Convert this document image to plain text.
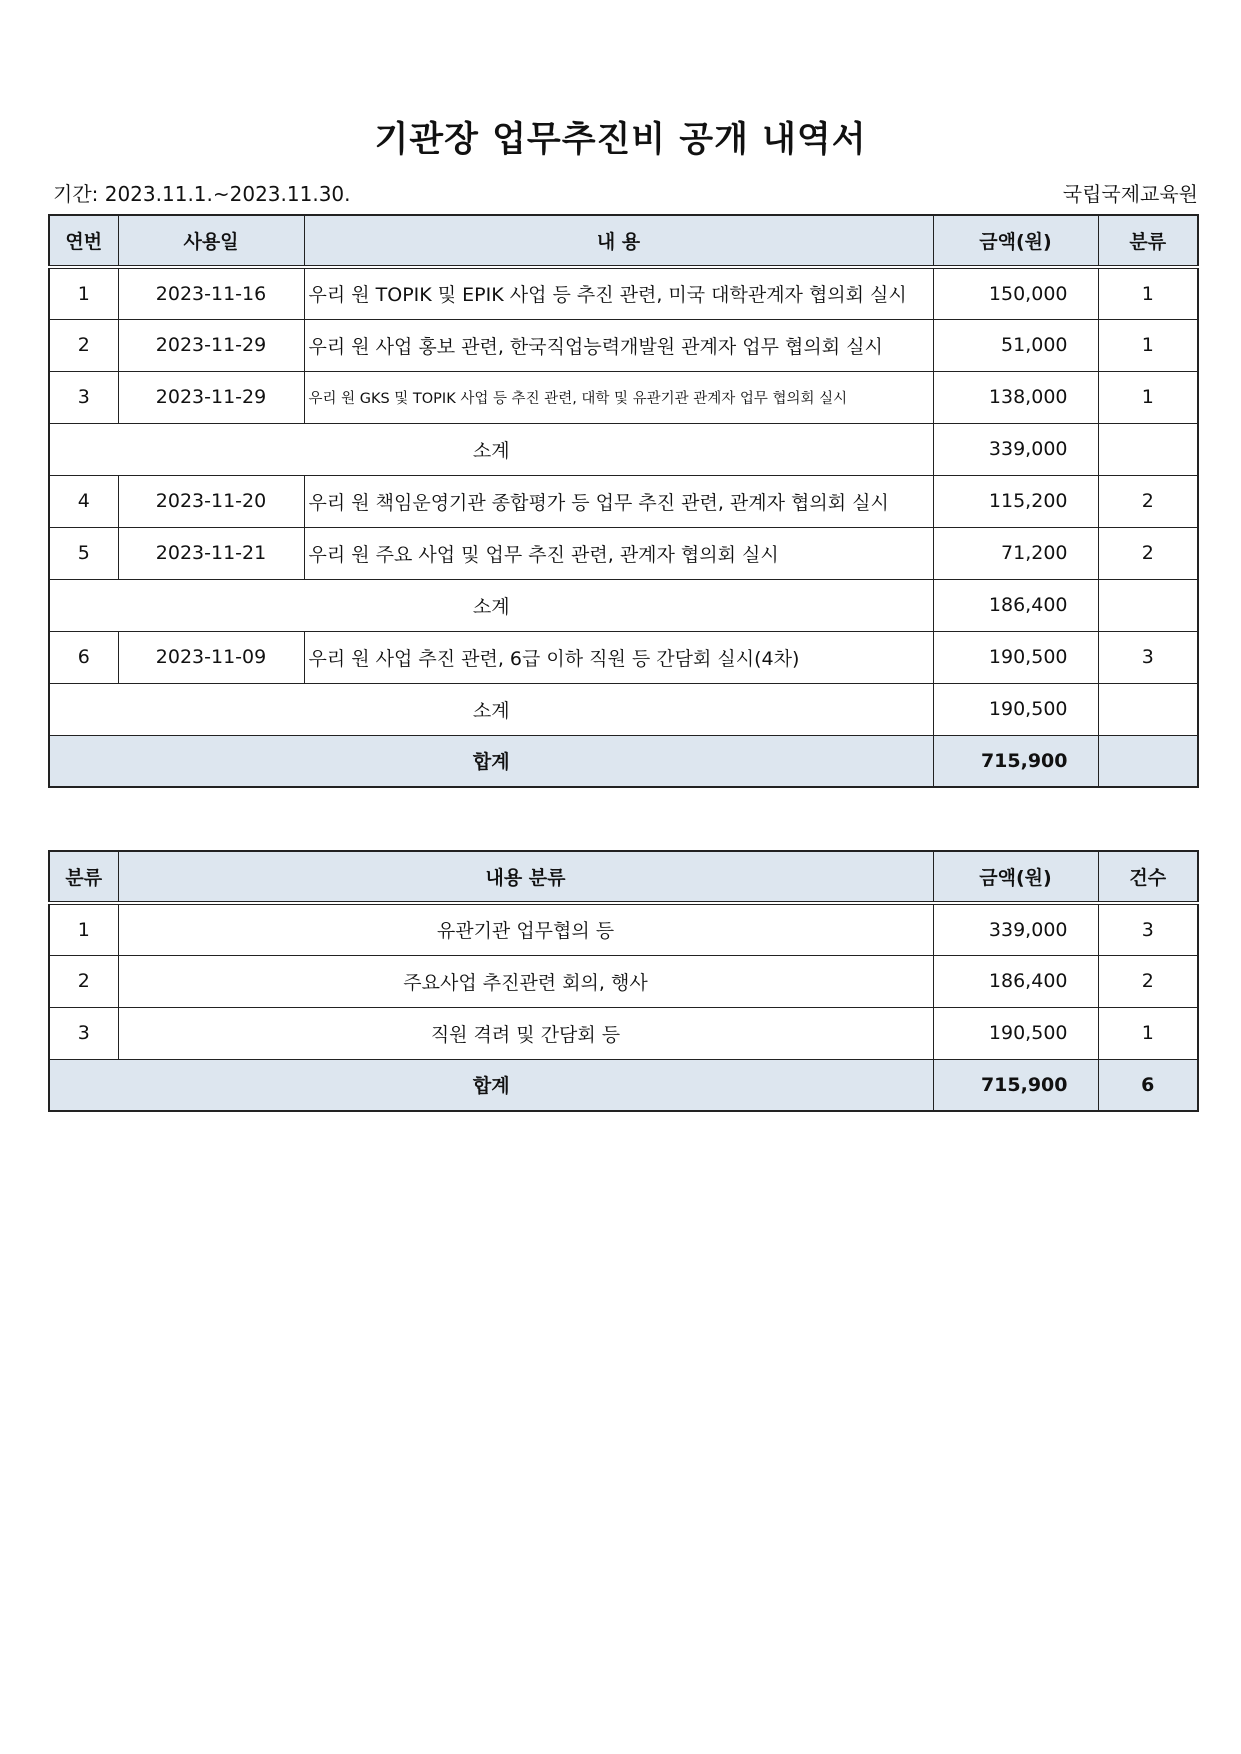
기관장 업무추진비 공개 내역서
기간: 2023.11.1.~2023.11.30.	국립국제교육원
연번	사용일	내 용	금액(원)	분류
1	2023-11-16	우리 원 TOPIK 및 EPIK 사업 등 추진 관련, 미국 대학관계자 협의회 실시	150,000	1
2	2023-11-29	우리 원 사업 홍보 관련, 한국직업능력개발원 관계자 업무 협의회 실시	51,000	1
3	2023-11-29	우리 원 GKS 및 TOPIK 사업 등 추진 관련, 대학 및 유관기관 관계자 업무 협의회 실시	138,000	1
소계			339,000	
4	2023-11-20	우리 원 책임운영기관 종합평가 등 업무 추진 관련, 관계자 협의회 실시	115,200	2
5	2023-11-21	우리 원 주요 사업 및 업무 추진 관련, 관계자 협의회 실시	71,200	2
소계			186,400	
6	2023-11-09	우리 원 사업 추진 관련, 6급 이하 직원 등 간담회 실시(4차)	190,500	3
소계			190,500	
합계			715,900	
분류	내용 분류	금액(원)	건수
1	유관기관 업무협의 등	339,000	3
2	주요사업 추진관련 회의, 행사	186,400	2
3	직원 격려 및 간담회 등	190,500	1
합계		715,900	6
